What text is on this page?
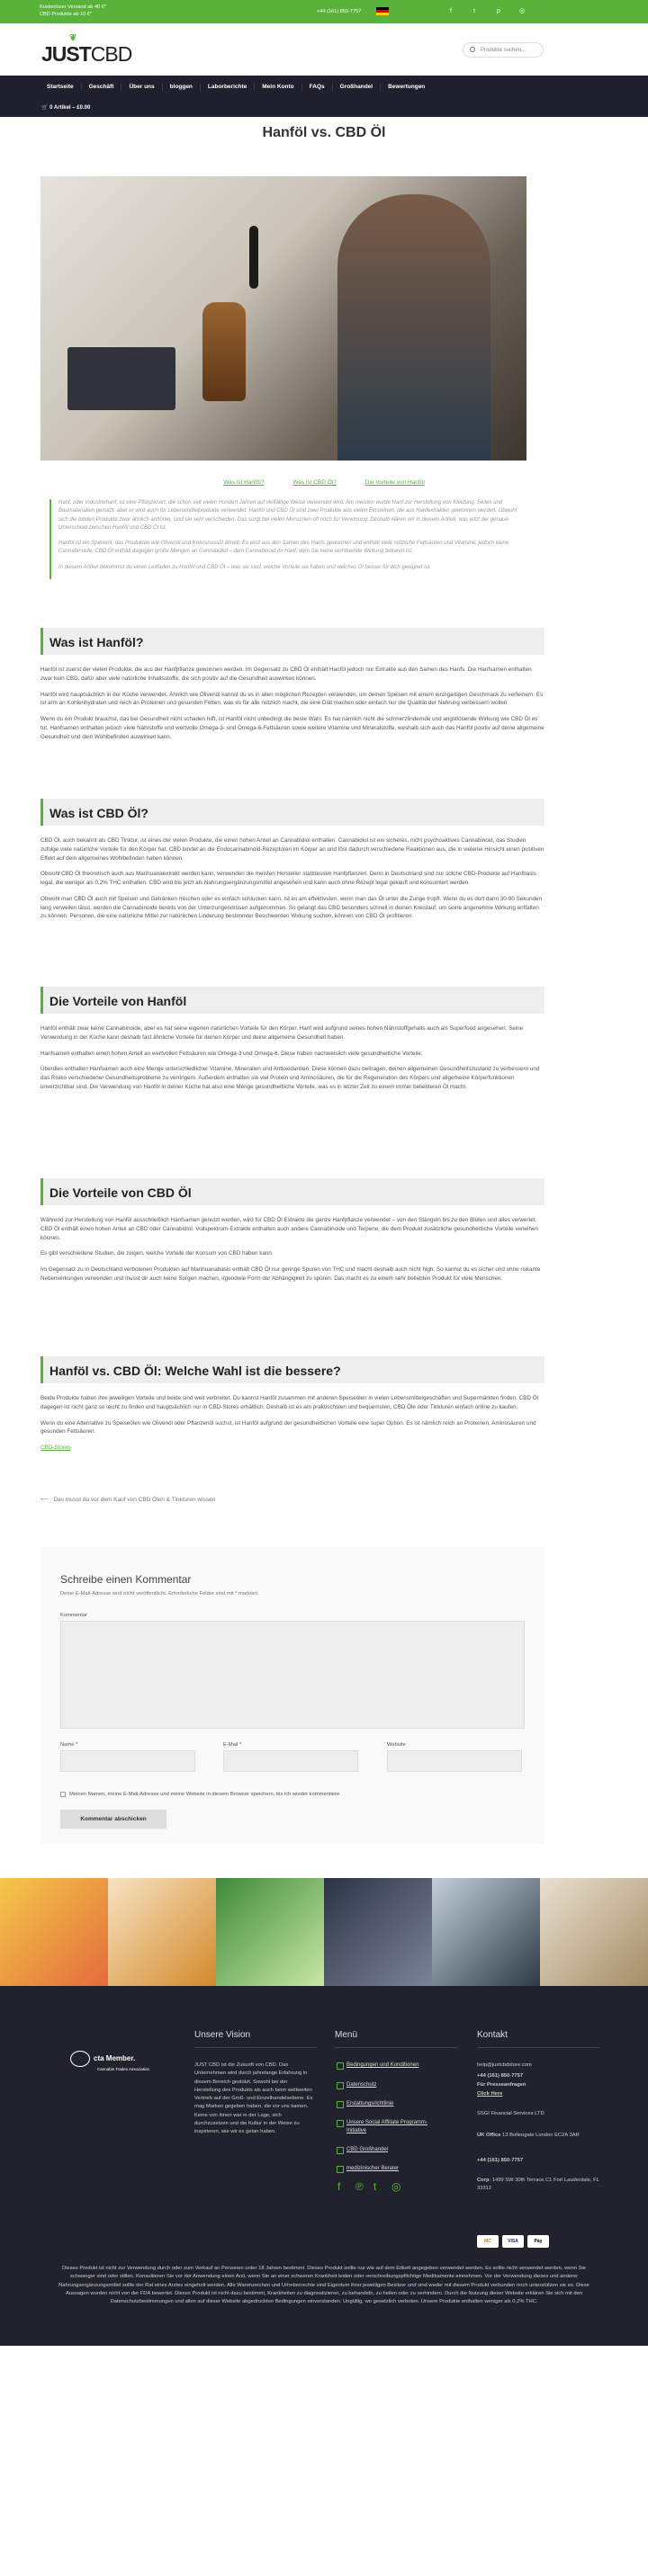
Kostenloser Versand ab 40 €*
CBD Produkte ab 10 €*	+44 (161) 850-7757	f	t	p	◎
❦
JUSTCBD	Produkte suchen...
Startseite	Geschäft	Über uns	bloggen	Laborberichte	Mein Konto	FAQs	Großhandel	Bewertungen
🛒 0 Artikel – £0.00
Hanföl vs. CBD Öl
Was ist Hanföl?	Was ist CBD Öl?	Die Vorteile von Hanföl

Hanf, oder Industriehanf, ist eine Pflanzenart, die schon seit vielen Hundert Jahren auf vielfältige Weise verwendet wird. Am meisten wurde Hanf zur Herstellung von Kleidung, Seilen und Baumaterialien genutzt, aber er wird auch für Lebensmittelprodukte verwendet. Hanföl und CBD Öl sind zwei Produkte aus vielen Einsteinen, die aus Hanfextrakten gewonnen werden. Obwohl sich die beiden Produkte zwar ähnlich anhören, sind sie sehr verschieden. Das sorgt bei vielen Menschen oft noch für Verwirrung. Deshalb klären wir in diesem Artikel, was jetzt der genaue Unterschied zwischen Hanföl und CBD Öl ist.

Hanföl ist ein Speiseöl, das Produkten wie Olivenöl und Kokosnussöl ähnelt. Es wird aus den Samen des Hanfs gewonnen und enthält viele nützliche Fettsäuren und Vitamine, jedoch keine Cannabinoide. CBD Öl enthält dagegen große Mengen an Cannabidiol – dem Cannabinoid im Hanf, dem Sie keine wohltuende Wirkung bekannt ist.

In diesem Artikel bekommst du einen Leitfaden zu Hanföl und CBD Öl – was sie sind, welche Vorteile sie haben und welches Öl besser für dich geeignet ist.

Was ist Hanföl?

Hanföl ist zuerst der vielen Produkte, die aus der Hanfpflanze gewonnen werden. Im Gegensatz zu CBD Öl enthält Hanföl jedoch nur Extrakte aus den Samen des Hanfs. Die Hanfsamen enthalten zwar kein CBD, dafür aber viele natürliche Inhaltsstoffe, die sich positiv auf die Gesundheit auswirken können.

Hanföl wird hauptsächlich in der Küche verwendet. Ähnlich wie Olivenöl kannst du es in allen möglichen Rezepten verwenden, um deinen Speisen mit einem einzigartigen Geschmack zu verfeinern. Es ist arm an Kohlenhydraten und reich an Proteinen und gesunden Fetten, was es für alle nützlich macht, die eine Diät machen oder einfach nur die Qualität der Nahrung verbessern wollen.

Wenn du ein Produkt brauchst, das bei Gesundheit nicht schaden hilft, ist Hanföl nicht unbedingt die beste Wahl. Es hat nämlich nicht die schmerzlindernde und angstlösende Wirkung wie CBD Öl es tut. Hanfsamen enthalten jedoch viele Nährstoffe und wertvolle Omega-3- und Omega-6-Fettsäuren sowie weitere Vitamine und Mineralstoffe, weshalb sich auch das Hanföl positiv auf deine allgemeine Gesundheit und dein Wohlbefinden auswirken kann.

Was ist CBD Öl?

CBD Öl, auch bekannt als CBD Tinktur, ist eines der vielen Produkte, die einen hohen Anteil an Cannabidiol enthalten. Cannabidiol ist ein sicheres, nicht psychoaktives Cannabinoid, das Studien zufolge viele natürliche Vorteile für den Körper hat. CBD bindet an die Endocannabinoid-Rezeptoren im Körper an und löst dadurch verschiedene Reaktionen aus, die in vielerlei Hinsicht einen positiven Effekt auf dein allgemeines Wohlbefinden haben können.

Obwohl CBD Öl theoretisch auch aus Marihuanaextrakt werden kann, verwenden die meisten Hersteller stattdessen Hanfpflanzen. Denn in Deutschland sind nur solche CBD-Produkte auf Hanfbasis legal, die weniger als 0,2% THC enthalten. CBD wird bis jetzt als Nahrungsergänzungsmittel angesehen und kann auch ohne Rezept legal gekauft und konsumiert werden.

Obwohl man CBD Öl auch mit Speisen und Getränken mischen oder es einfach schlucken kann, ist es am effektivsten, wenn man das Öl unter die Zunge tropft. Wenn du es dort dann 30-90 Sekunden lang verweilen lässt, werden die Cannabinoide bereits von der Unterzungendrüsen aufgenommen. So gelangt das CBD besonders schnell in deinen Kreislauf, um seine angenehme Wirkung entfalten zu können. Personen, die eine natürliche Mittel zur natürlichen Linderung bestimmter Beschwerden Wirkung suchen, können von CBD Öl profitieren.

Die Vorteile von Hanföl

Hanföl enthält zwar keine Cannabinoide, aber es hat seine eigenen natürlichen Vorteile für den Körper. Hanf wird aufgrund seines hohen Nährstoffgehalts auch als Superfood angesehen. Seine Verwendung in der Küche kann deshalb fast ähnliche Vorteile für deinen Körper und deine allgemeine Gesundheit haben.

Hanfsamen enthalten einen hohen Anteil an wertvollen Fettsäuren wie Omega-3 und Omega-6. Diese haben nachweislich viele gesundheitliche Vorteile.

Überdies enthalten Hanfsamen auch eine Menge unterschiedlicher Vitamine, Mineralien und Antioxidantien. Diese können dazu beitragen, deinen allgemeinen Gesundheitszustand zu verbessern und das Risiko verschiedener Gesundheitsprobleme zu verringern. Außerdem enthalten sie viel Protein und Aminosäuren, die für die Regeneration des Körpers und allgemeine Körperfunktionen unverzichtbar sind. Die Verwendung von Hanföl in deiner Küche hat also eine Menge gesundheitliche Vorteile, was es in letzter Zeit zu einem immer beliebteren Öl macht.

Die Vorteile von CBD Öl

Während zur Herstellung von Hanföl ausschließlich Hanfsamen genutzt werden, wird für CBD Öl Extrakte die ganze Hanfpflanze verwendet – von den Stängeln bis zu den Blüten und alles verwertet. CBD Öl enthält einen hohen Anteil an CBD oder Cannabidiol. Vollspektrum-Extrakte enthalten auch andere Cannabinoide und Terpene, die dem Produkt zusätzliche gesundheitliche Vorteile verleihen können.

Es gibt verschiedene Studien, die zeigen, welche Vorteile der Konsum von CBD haben kann.

Im Gegensatz zu in Deutschland verbotenen Produkten auf Marihuanabasis enthält CBD Öl nur geringe Spuren von THC und macht deshalb auch nicht high. So kannst du es sicher und ohne riskante Nebenwirkungen verwenden und musst dir auch keine Sorgen machen, irgendwie Form der Abhängigkeit zu spüren. Das macht es zu einem sehr beliebten Produkt für viele Menschen.

Hanföl vs. CBD Öl: Welche Wahl ist die bessere?

Beide Produkte haben ihre jeweiligen Vorteile und beide sind weit verbreitet. Du kannst Hanföl zusammen mit anderen Speiseölen in vielen Lebensmittelgeschäften und Supermärkten finden. CBD Öl dagegen ist nicht ganz so leicht zu finden und hauptsächlich nur in CBD-Stores erhältlich. Deshalb ist es am praktischsten und bequemsten, CBD Öle oder Tinkturen einfach online zu kaufen.

Wenn du eine Alternative zu Speiseölen wie Olivenöl oder Pflanzenöl suchst, ist Hanföl aufgrund der gesundheitlichen Vorteile eine super Option. Es ist nämlich reich an Proteinen, Aminosäuren und gesunden Fettsäuren.

CBD-Stores

⟵ Das musst du vor dem Kauf von CBD Ölen & Tinkturen wissen
Schreibe einen Kommentar
Deine E-Mail-Adresse wird nicht veröffentlicht. Erforderliche Felder sind mit * markiert.
Kommentar
Name *	E-Mail *	Website
Meinen Namen, meine E-Mail-Adresse und meine Website in diesem Browser speichern, bis ich wieder kommentiere.
Kommentar abschicken
cta Member.
Cannabis Trades Association
Unsere Vision
JUST CBD ist die Zukunft von CBD. Das Unternehmen wird durch jahrelange Erfahrung in diesem Bereich gestützt. Sowohl bei der Herstellung des Produkts als auch beim weltweiten Vertrieb auf der Groß- und Einzelhandelsebene. Es mag Marken gegeben haben, die vor uns kamen. Keine von ihnen war in der Lage, sich durchzusetzen und die Kultur in der Weise zu inspirieren, wie wir es getan haben.
Menü
Bedingungen und Konditionen
Datenschutz
Erstattungsrichtlinie
Unsere Social Affiliate Programm-Initiative
CBD Großhandel
medizinischer Berater
f ℗ t ◎
Kontakt
help@justcbdstore.com
+44 (161) 850-7757
Für Presseanfragen
Click Here
SSGI Financial Services LTD
UK Office 13 Bolleogate London EC2A 3AR
+44 (161) 850-7757
Corp: 1499 SW 30th Terrace C1 Fort Lauderdale, FL 33312
MC	VISA	Pay
Dieses Produkt ist nicht zur Verwendung durch oder zum Verkauf an Personen unter 18 Jahren bestimmt. Dieses Produkt sollte nur wie auf dem Etikett angegeben verwendet werden. Es sollte nicht verwendet werden, wenn Sie schwanger sind oder stillen. Konsultieren Sie vor der Anwendung einen Arzt, wenn Sie an einer schweren Krankheit leiden oder verschreibungspflichtige Medikamente einnehmen. Vor der Verwendung dieses und anderer Nahrungsergänzungsmittel sollte der Rat eines Arztes eingeholt werden. Alle Warenzeichen und Urheberrechte sind Eigentum ihrer jeweiligen Besitzer und sind weder mit diesem Produkt verbunden noch unterstützen sie es. Diese Aussagen wurden nicht von der FDA bewertet. Dieses Produkt ist nicht dazu bestimmt, Krankheiten zu diagnostizieren, zu behandeln, zu heilen oder zu verhindern. Durch die Nutzung dieser Website erklären Sie sich mit den Datenschutzbestimmungen und allen auf dieser Website abgedruckten Bedingungen einverstanden. Ungültig, wo gesetzlich verboten. Unsere Produkte enthalten weniger als 0,2% THC.
